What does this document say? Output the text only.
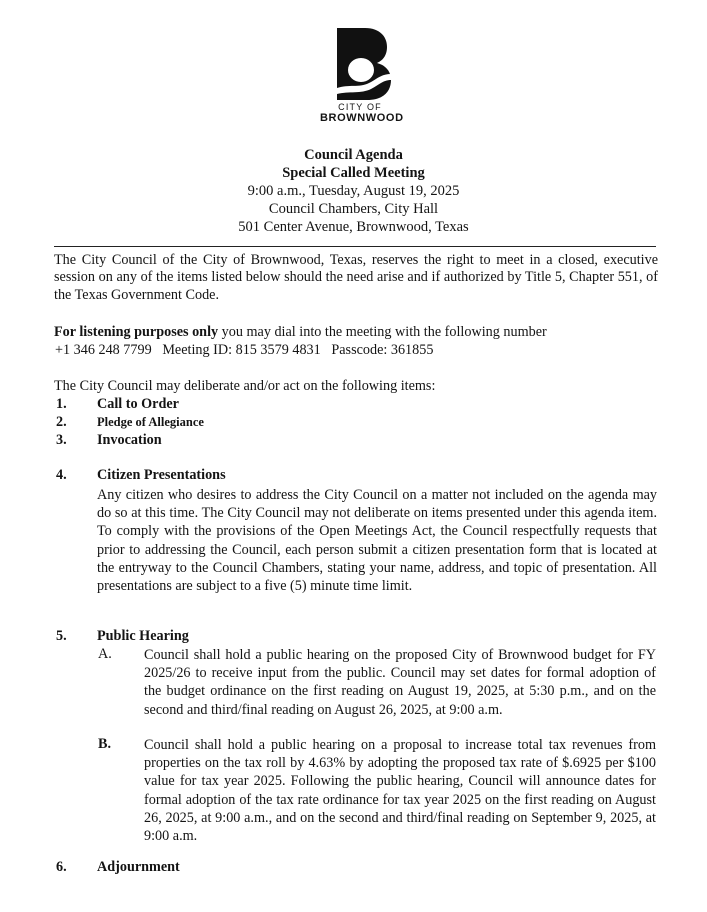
CITY OF
BROWNWOOD
Council Agenda
Special Called Meeting
9:00 a.m., Tuesday, August 19, 2025
Council Chambers, City Hall
501 Center Avenue, Brownwood, Texas
The City Council of the City of Brownwood, Texas, reserves the right to meet in a closed, executive session on any of the items listed below should the need arise and if authorized by Title 5, Chapter 551, of the Texas Government Code.
For listening purposes only you may dial into the meeting with the following number
+1 346 248 7799   Meeting ID: 815 3579 4831   Passcode: 361855
The City Council may deliberate and/or act on the following items:
1. Call to Order
2. Pledge of Allegiance
3. Invocation
4. Citizen Presentations
Any citizen who desires to address the City Council on a matter not included on the agenda may do so at this time. The City Council may not deliberate on items presented under this agenda item. To comply with the provisions of the Open Meetings Act, the Council respectfully requests that prior to addressing the Council, each person submit a citizen presentation form that is located at the entryway to the Council Chambers, stating your name, address, and topic of presentation. All presentations are subject to a five (5) minute time limit.
5. Public Hearing
A. Council shall hold a public hearing on the proposed City of Brownwood budget for FY 2025/26 to receive input from the public. Council may set dates for formal adoption of the budget ordinance on the first reading on August 19, 2025, at 5:30 p.m., and on the second and third/final reading on August 26, 2025, at 9:00 a.m.
B. Council shall hold a public hearing on a proposal to increase total tax revenues from properties on the tax roll by 4.63% by adopting the proposed tax rate of $.6925 per $100 value for tax year 2025. Following the public hearing, Council will announce dates for formal adoption of the tax rate ordinance for tax year 2025 on the first reading on August 26, 2025, at 9:00 a.m., and on the second and third/final reading on September 9, 2025, at 9:00 a.m.
6. Adjournment
